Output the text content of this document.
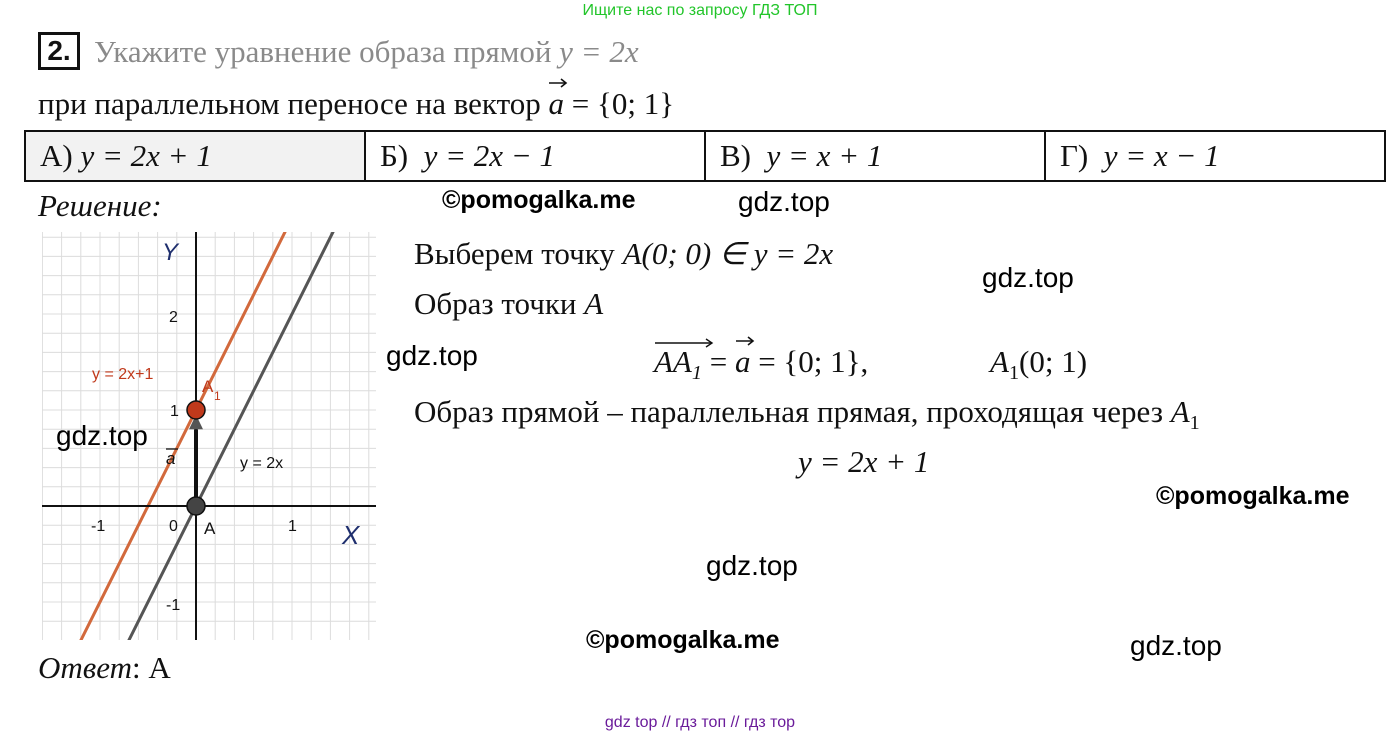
Ищите нас по запросу ГДЗ ТОП
2. Укажите уравнение образа прямой y = 2x
при параллельном переносе на вектор a = {0; 1}
А) y = 2x + 1	Б) y = 2x − 1	В) y = x + 1	Г) y = x − 1
Решение:
Y
X
-1	0	1
2
1
-1
A
A 1
a
y = 2x+1
y = 2x
Выберем точку A(0; 0) ∈ y = 2x
Образ точки A
$AA_1$ =
a = {0; 1},	$A_1(0$; 1)
Образ прямой – параллельная прямая, проходящая через $A_1$
y = 2x + 1
Ответ: А
©pomogalka.me	gdz.top
gdz.top
gdz.top
gdz.top
©pomogalka.me
gdz.top
©pomogalka.me	gdz.top
gdz top // гдз топ // гдз тор
